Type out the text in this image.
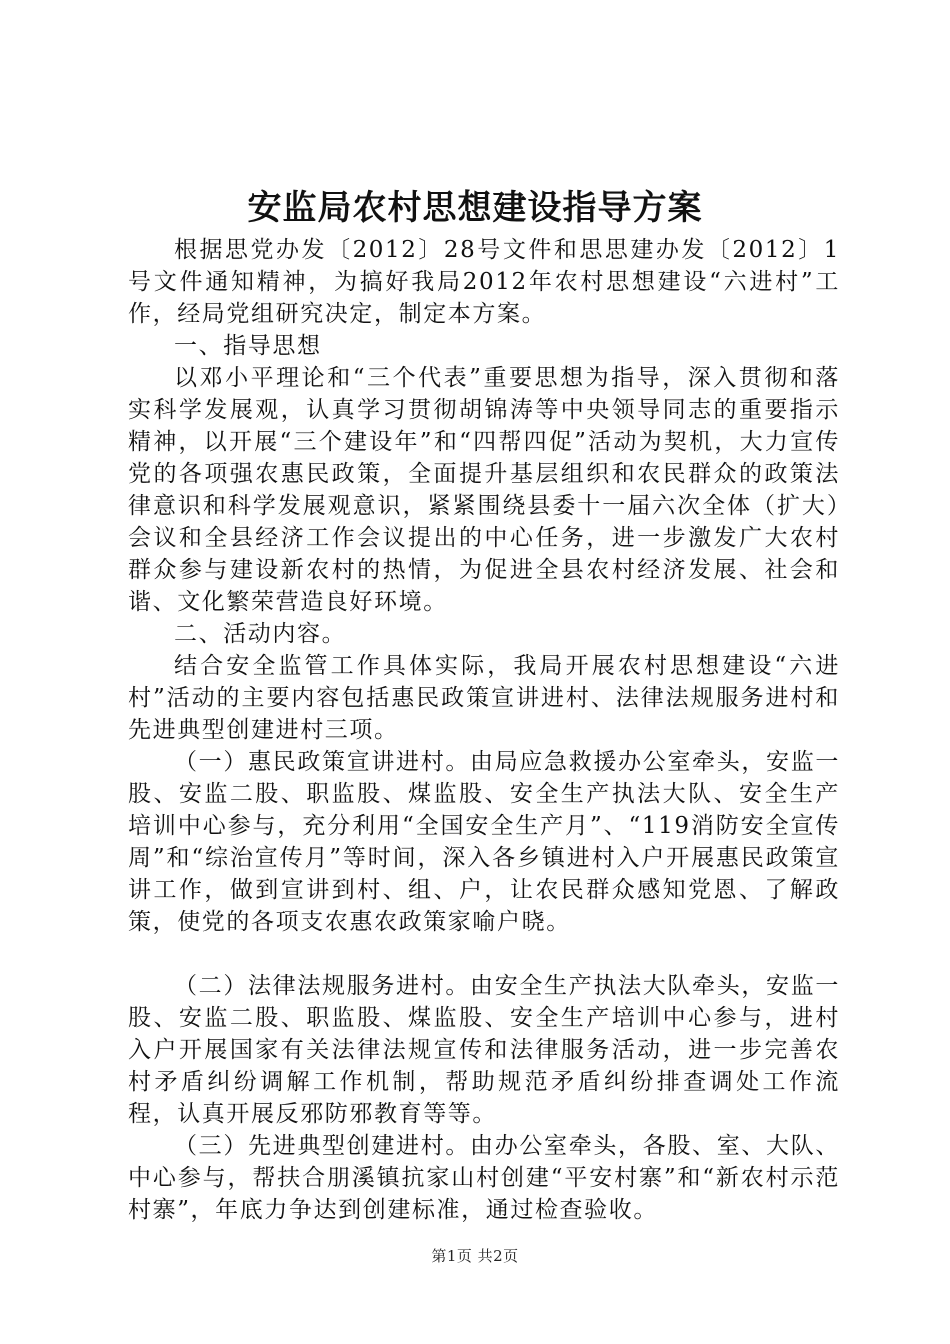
安监局农村思想建设指导方案

根据思党办发〔2012〕28号文件和思思建办发〔2012〕1号文件通知精神，为搞好我局2012年农村思想建设“六进村”工作，经局党组研究决定，制定本方案。

一、指导思想

以邓小平理论和“三个代表”重要思想为指导，深入贯彻和落实科学发展观，认真学习贯彻胡锦涛等中央领导同志的重要指示精神，以开展“三个建设年”和“四帮四促”活动为契机，大力宣传党的各项强农惠民政策，全面提升基层组织和农民群众的政策法律意识和科学发展观意识，紧紧围绕县委十一届六次全体（扩大）会议和全县经济工作会议提出的中心任务，进一步激发广大农村群众参与建设新农村的热情，为促进全县农村经济发展、社会和谐、文化繁荣营造良好环境。

二、活动内容。

结合安全监管工作具体实际，我局开展农村思想建设“六进村”活动的主要内容包括惠民政策宣讲进村、法律法规服务进村和先进典型创建进村三项。

（一）惠民政策宣讲进村。由局应急救援办公室牵头，安监一股、安监二股、职监股、煤监股、安全生产执法大队、安全生产培训中心参与，充分利用“全国安全生产月”、“119消防安全宣传周”和“综治宣传月”等时间，深入各乡镇进村入户开展惠民政策宣讲工作，做到宣讲到村、组、户，让农民群众感知党恩、了解政策，使党的各项支农惠农政策家喻户晓。

（二）法律法规服务进村。由安全生产执法大队牵头，安监一股、安监二股、职监股、煤监股、安全生产培训中心参与，进村入户开展国家有关法律法规宣传和法律服务活动，进一步完善农村矛盾纠纷调解工作机制，帮助规范矛盾纠纷排查调处工作流程，认真开展反邪防邪教育等等。

（三）先进典型创建进村。由办公室牵头，各股、室、大队、中心参与，帮扶合朋溪镇抗家山村创建“平安村寨”和“新农村示范村寨”，年底力争达到创建标准，通过检查验收。

第1页 共2页
